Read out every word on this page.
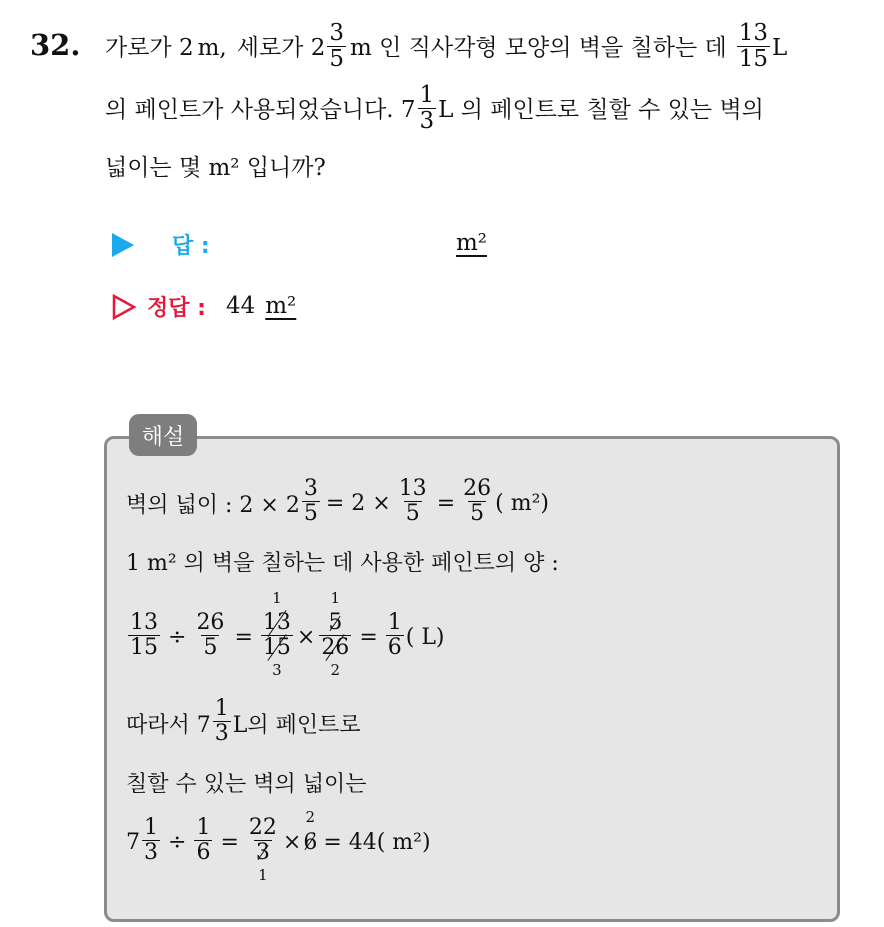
32. 가로가 2 m, 세로가 $2 \frac{3}{5}$ m 인 직사각형 모양의 벽을 칠하는 데 $\frac{13}{15}$ L
의 페인트가 사용되었습니다. $7 \frac{1}{3}$ L 의 페인트로 칠할 수 있는 벽의
넓이는 몇 m² 입니까?
답 :	m²
정답 : 44 m²
해설
벽의 넓이 : $2 \times 2 \frac{3}{5} = 2 \times \frac{13}{5} = \frac{26}{5}$ ( m²)
1 m² 의 벽을 칠하는 데 사용한 페인트의 양 :
$\frac{13}{15} \div \frac{26}{5}$ =
1
13
15
3
×
1
5
26
2
= $\frac{1}{6}$ ( L)
따라서 $7 \frac{1}{3}$ L의 페인트로
칠할 수 있는 벽의 넓이는
$7 \frac{1}{3} \div \frac{1}{6}$ =
22
3
1
×
2
6 = 44( m²)
